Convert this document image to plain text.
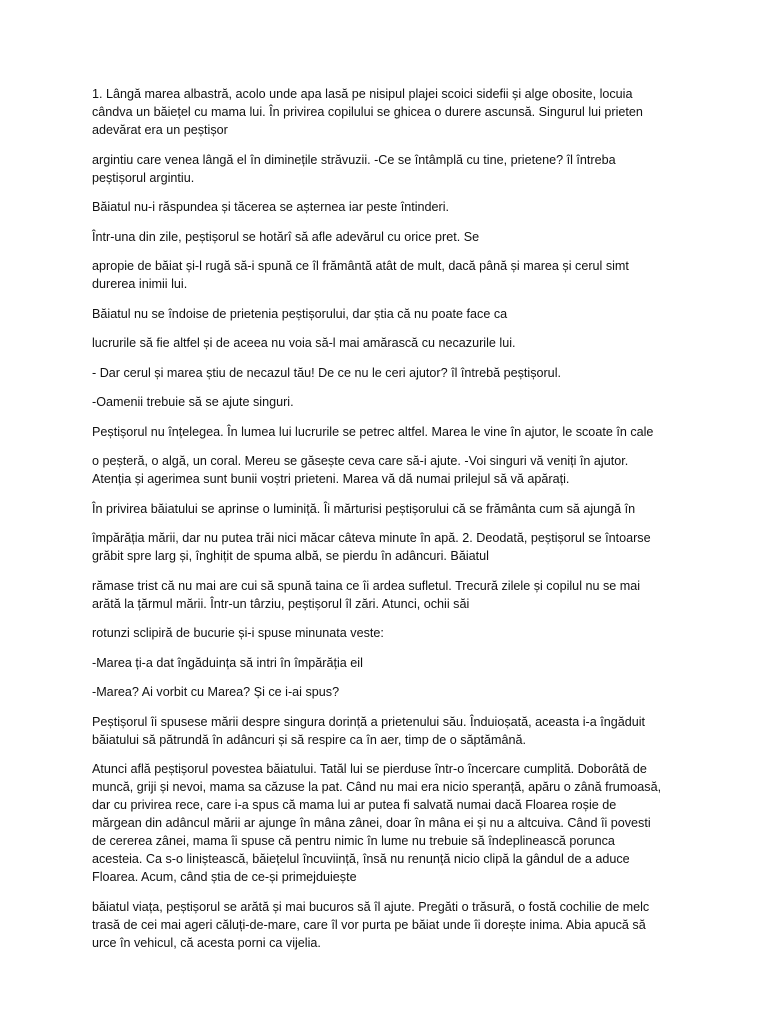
1. Lângă marea albastră, acolo unde apa lasă pe nisipul plajei scoici sidefii și alge obosite, locuia cândva un băiețel cu mama lui. În privirea copilului se ghicea o durere ascunsă. Singurul lui prieten adevărat era un peștișor

argintiu care venea lângă el în diminețile străvuzii. -Ce se întâmplă cu tine, prietene? îl întreba peștișorul argintiu.

Băiatul nu-i răspundea și tăcerea se așternea iar peste întinderi.

Într-una din zile, peștișorul se hotărî să afle adevărul cu orice pret. Se

apropie de băiat și-l rugă să-i spună ce îl frământă atât de mult, dacă până și marea și cerul simt durerea inimii lui.

Băiatul nu se îndoise de prietenia peștișorului, dar știa că nu poate face ca

lucrurile să fie altfel și de aceea nu voia să-l mai amărască cu necazurile lui.

- Dar cerul și marea știu de necazul tău! De ce nu le ceri ajutor? îl întrebă peștișorul.

-Oamenii trebuie să se ajute singuri.

Peștișorul nu înțelegea. În lumea lui lucrurile se petrec altfel. Marea le vine în ajutor, le scoate în cale

o peșteră, o algă, un coral. Mereu se găsește ceva care să-i ajute. -Voi singuri vă veniți în ajutor. Atenția și agerimea sunt bunii voștri prieteni. Marea vă dă numai prilejul să vă apărați.

În privirea băiatului se aprinse o luminiță. Îi mărturisi peștișorului că se frământa cum să ajungă în

împărăția mării, dar nu putea trăi nici măcar câteva minute în apă. 2. Deodată, peștișorul se întoarse grăbit spre larg și, înghițit de spuma albă, se pierdu în adâncuri. Băiatul

rămase trist că nu mai are cui să spună taina ce îi ardea sufletul. Trecură zilele și copilul nu se mai arătă la țărmul mării. Într-un târziu, peștișorul îl zări. Atunci, ochii săi

rotunzi sclipiră de bucurie și-i spuse minunata veste:

-Marea ți-a dat îngăduința să intri în împărăția eil

-Marea? Ai vorbit cu Marea? Și ce i-ai spus?

Peștișorul îi spusese mării despre singura dorință a prietenului său. Înduioșată, aceasta i-a îngăduit băiatului să pătrundă în adâncuri și să respire ca în aer, timp de o săptămână.

Atunci află peștișorul povestea băiatului. Tatăl lui se pierduse într-o încercare cumplită. Doborâtă de muncă, griji și nevoi, mama sa căzuse la pat. Când nu mai era nicio speranță, apăru o zână frumoasă, dar cu privirea rece, care i-a spus că mama lui ar putea fi salvată numai dacă Floarea roșie de mărgean din adâncul mării ar ajunge în mâna zânei, doar în mâna ei și nu a altcuiva. Când îi povesti de cererea zânei, mama îi spuse că pentru nimic în lume nu trebuie să îndeplinească porunca acesteia. Ca s-o liniștească, băiețelul încuviință, însă nu renunță nicio clipă la gândul de a aduce Floarea. Acum, când știa de ce-și primejduiește

băiatul viața, peștișorul se arătă și mai bucuros să îl ajute. Pregăti o trăsură, o fostă cochilie de melc trasă de cei mai ageri căluți-de-mare, care îl vor purta pe băiat unde îi dorește inima. Abia apucă să urce în vehicul, că acesta porni ca vijelia.
